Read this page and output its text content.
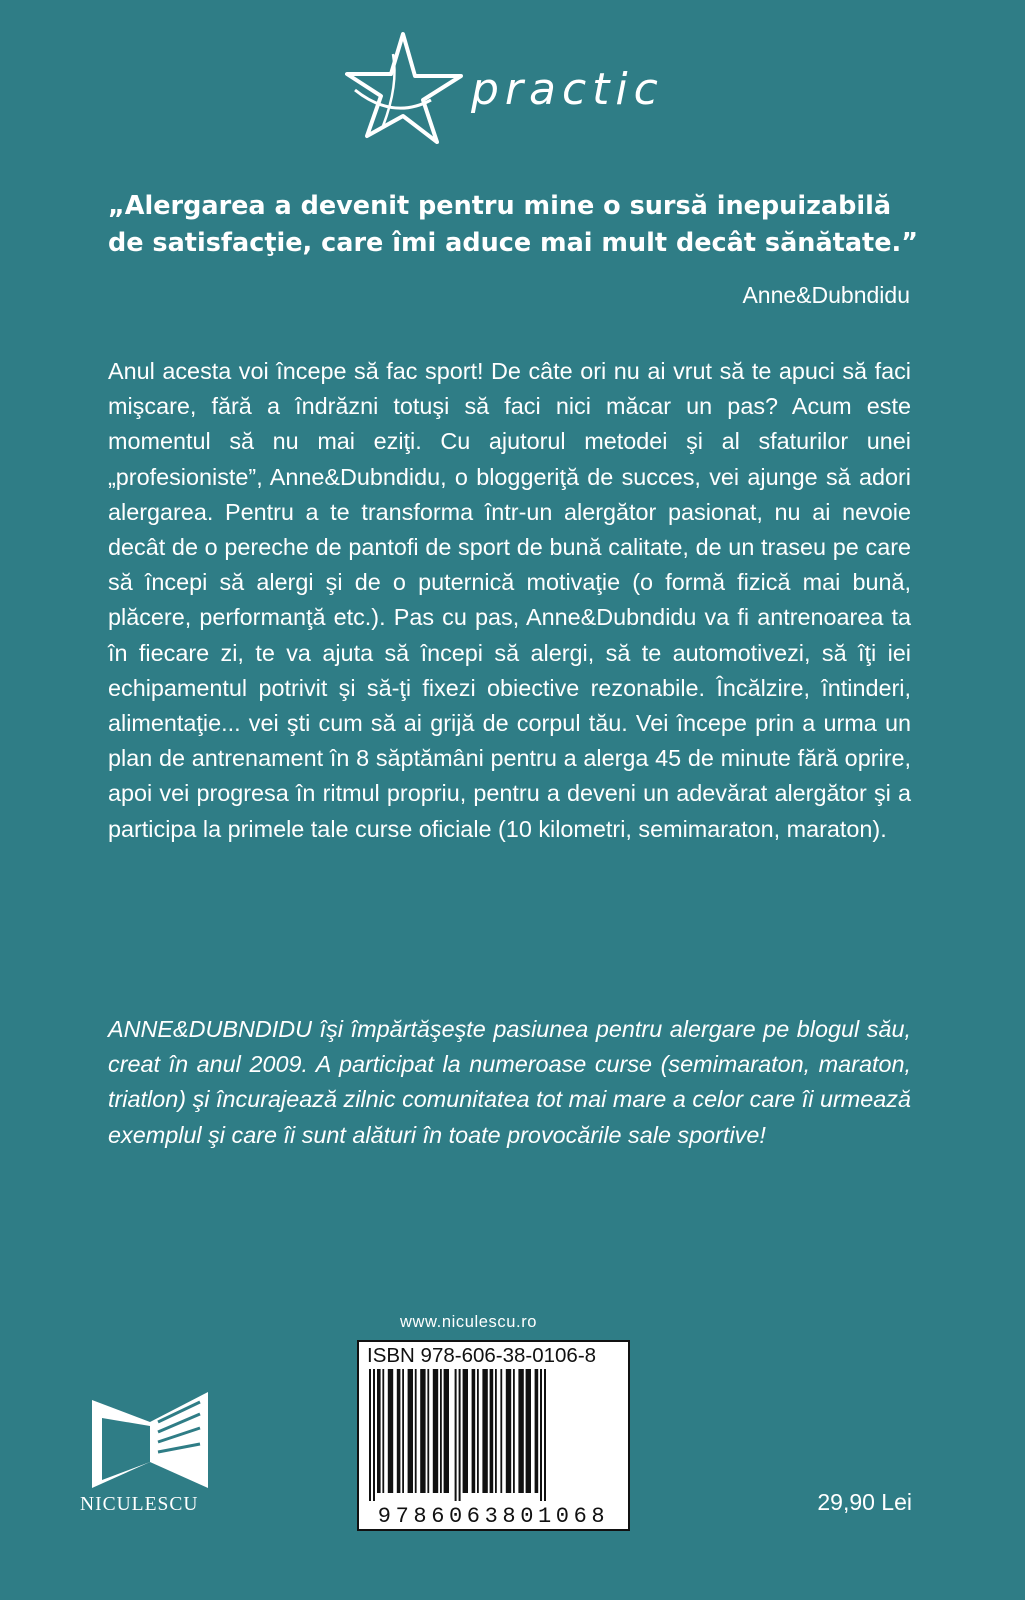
practic

„Alergarea a devenit pentru mine o sursă inepuizabilă de satisfacţie, care îmi aduce mai mult decât sănătate.”

Anne&Dubndidu

Anul acesta voi începe să fac sport! De câte ori nu ai vrut să te apuci să faci mişcare, fără a îndrăzni totuşi să faci nici măcar un pas? Acum este momentul să nu mai eziţi. Cu ajutorul metodei şi al sfaturilor unei „profesioniste”, Anne&Dubndidu, o bloggeriţă de succes, vei ajunge să adori alergarea. Pentru a te transforma într-un alergător pasionat, nu ai nevoie decât de o pereche de pantofi de sport de bună calitate, de un traseu pe care să începi să alergi şi de o puternică motivaţie (o formă fizică mai bună, plăcere, performanţă etc.). Pas cu pas, Anne&Dubndidu va fi antrenoarea ta în fiecare zi, te va ajuta să începi să alergi, să te automotivezi, să îţi iei echipamentul potrivit şi să-ţi fixezi obiective rezonabile. Încălzire, întinderi, alimentaţie... vei şti cum să ai grijă de corpul tău. Vei începe prin a urma un plan de antrenament în 8 săptămâni pentru a alerga 45 de minute fără oprire, apoi vei progresa în ritmul propriu, pentru a deveni un adevărat alergător şi a participa la primele tale curse oficiale (10 kilometri, semimaraton, maraton).

ANNE&DUBNDIDU îşi împărtăşeşte pasiunea pentru alergare pe blogul său, creat în anul 2009. A participat la numeroase curse (semimaraton, maraton, triatlon) şi încurajează zilnic comunitatea tot mai mare a celor care îi urmează exemplul şi care îi sunt alături în toate provocările sale sportive!

www.niculescu.ro
ISBN 978-606-38-0106-8
9786063801068
NICULESCU	29,90 Lei
